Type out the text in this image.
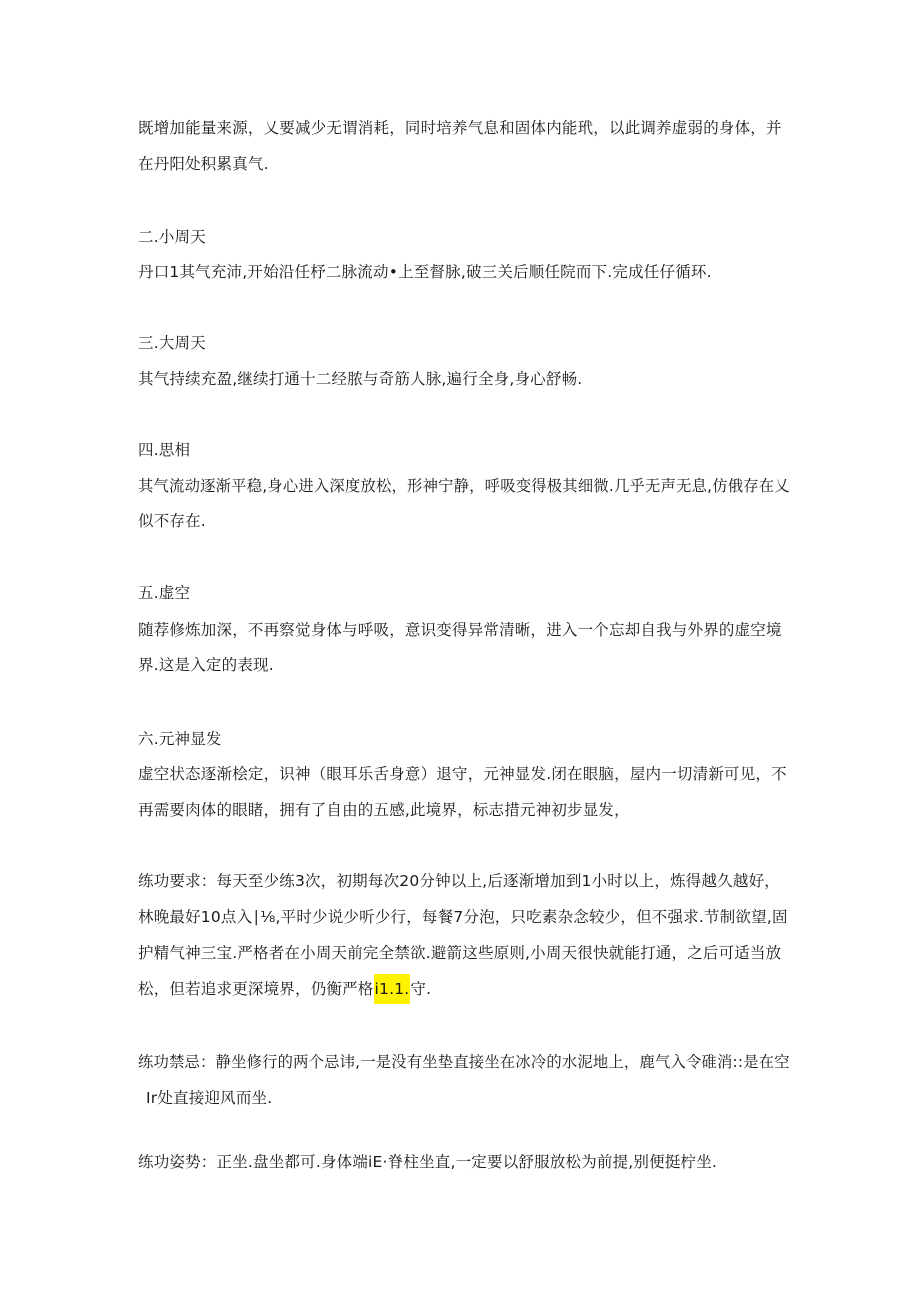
既增加能量来源，乂要减少无谓消耗，同时培养气息和固体内能玳，以此调养虚弱的身体，并
在丹阳处积累真气.
二.小周天
丹口1其气充沛,开始沿任杼二脉流动•上至督脉,破三关后顺任院而下.完成任仔循环.
三.大周天
其气持续充盈,继续打通十二经脓与奇筋人脉,遍行全身,身心舒畅.
四.思相
其气流动逐渐平稳,身心进入深度放松，形神宁静，呼吸变得极其细微.几乎无声无息,仿俄存在乂
似不存在.
五.虚空
随荐修炼加深，不再察觉身体与呼吸，意识变得异常清晰，进入一个忘却自我与外界的虚空境
界.这是入定的表现.
六.元神显发
虚空状态逐渐桧定，识神（眼耳乐舌身意）退守，元神显发.闭在眼脑，屋内一切清新可见，不
再需要肉体的眼睹，拥有了自由的五感,此境界，标志措元神初步显发，
练功要求：每天至少练3次，初期每次20分钟以上,后逐渐增加到1小时以上，炼得越久越好，
林晚最好10点入∣⅛,平时少说少听少行，每餐7分泡，只吃素杂念较少，但不强求.节制欲望,固
护精气神三宝.严格者在小周天前完全禁欲.避箭这些原则,小周天很快就能打通，之后可适当放
松，但若追求更深境界，仍衡严格i1.1.守.
练功禁忌：静坐修行的两个忌讳,一是没有坐垫直接坐在冰冷的水泥地上，鹿气入令碓消::是在空
Ir处直接迎风而坐.
练功姿势：正坐.盘坐都可.身体端iE·脊柱坐直,一定要以舒服放松为前提,别便挺柠坐.
